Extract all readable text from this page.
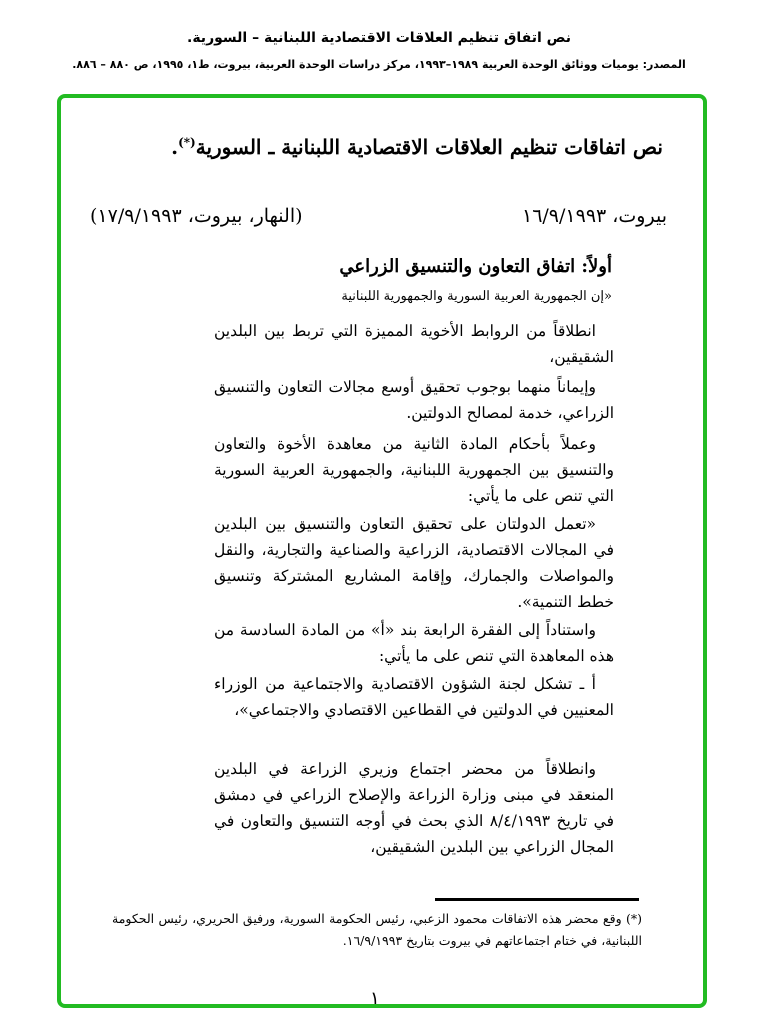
نص اتفاق تنظيم العلاقات الاقتصادية اللبنانية – السورية.
المصدر: يوميات ووثائق الوحدة العربية ١٩٨٩–١٩٩٣، مركز دراسات الوحدة العربية، بيروت، ط١، ١٩٩٥، ص ٨٨٠ – ٨٨٦.
نص اتفاقات تنظيم العلاقات الاقتصادية اللبنانية ـ السورية(*).
بيروت، ١٦/٩/١٩٩٣
(النهار، بيروت، ١٧/٩/١٩٩٣)
أولاً: اتفاق التعاون والتنسيق الزراعي
«إن الجمهورية العربية السورية والجمهورية اللبنانية

انطلاقاً من الروابط الأخوية المميزة التي تربط بين البلدين الشقيقين،

وإيماناً منهما بوجوب تحقيق أوسع مجالات التعاون والتنسيق الزراعي، خدمة لمصالح الدولتين.

وعملاً بأحكام المادة الثانية من معاهدة الأخوة والتعاون والتنسيق بين الجمهورية اللبنانية، والجمهورية العربية السورية التي تنص على ما يأتي:

«تعمل الدولتان على تحقيق التعاون والتنسيق بين البلدين في المجالات الاقتصادية، الزراعية والصناعية والتجارية، والنقل والمواصلات والجمارك، وإقامة المشاريع المشتركة وتنسيق خطط التنمية».

واستناداً إلى الفقرة الرابعة بند «أ» من المادة السادسة من هذه المعاهدة التي تنص على ما يأتي:

أ ـ تشكل لجنة الشؤون الاقتصادية والاجتماعية من الوزراء المعنيين في الدولتين في القطاعين الاقتصادي والاجتماعي»،

وانطلاقاً من محضر اجتماع وزيري الزراعة في البلدين المنعقد في مبنى وزارة الزراعة والإصلاح الزراعي في دمشق في تاريخ ٨/٤/١٩٩٣ الذي بحث في أوجه التنسيق والتعاون في المجال الزراعي بين البلدين الشقيقين،

(*) وقع محضر هذه الاتفاقات محمود الزعبي، رئيس الحكومة السورية، ورفيق الحريري، رئيس الحكومة اللبنانية، في ختام اجتماعاتهم في بيروت بتاريخ ١٦/٩/١٩٩٣.
١
